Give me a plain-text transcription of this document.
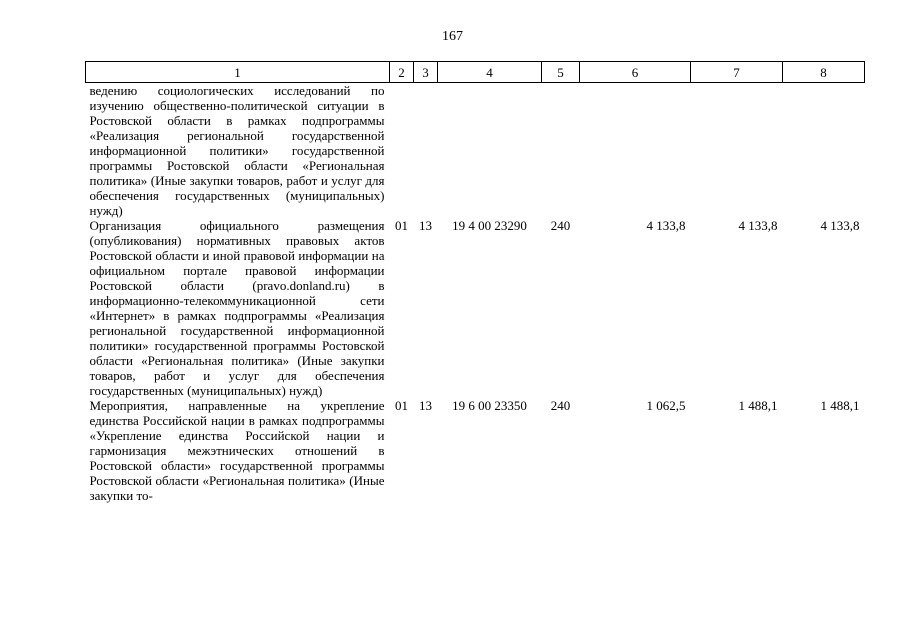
167
1	2	3	4	5	6	7	8
ведению социологических исследований по изучению общественно-политической ситуации в Ростовской области в рамках подпрограммы «Реализация региональной государственной информационной политики» государственной программы Ростовской области «Региональная политика» (Иные закупки товаров, работ и услуг для обеспечения государственных (муниципальных) нужд)							
Организация официального размещения (опубликования) нормативных правовых актов Ростовской области и иной правовой информации на официальном портале правовой информации Ростовской области (pravo.donland.ru) в информационно-телекоммуникационной сети «Интернет» в рамках подпрограммы «Реализация региональной государственной информационной политики» государственной программы Ростовской области «Региональная политика» (Иные закупки товаров, работ и услуг для обеспечения государственных (муниципальных) нужд)	01	13	19 4 00 23290	240	4 133,8	4 133,8	4 133,8
Мероприятия, направленные на укрепление единства Российской нации в рамках подпрограммы «Укрепление единства Российской нации и гармонизация межэтнических отношений в Ростовской области» государственной программы Ростовской области «Региональная политика» (Иные закупки то-	01	13	19 6 00 23350	240	1 062,5	1 488,1	1 488,1
